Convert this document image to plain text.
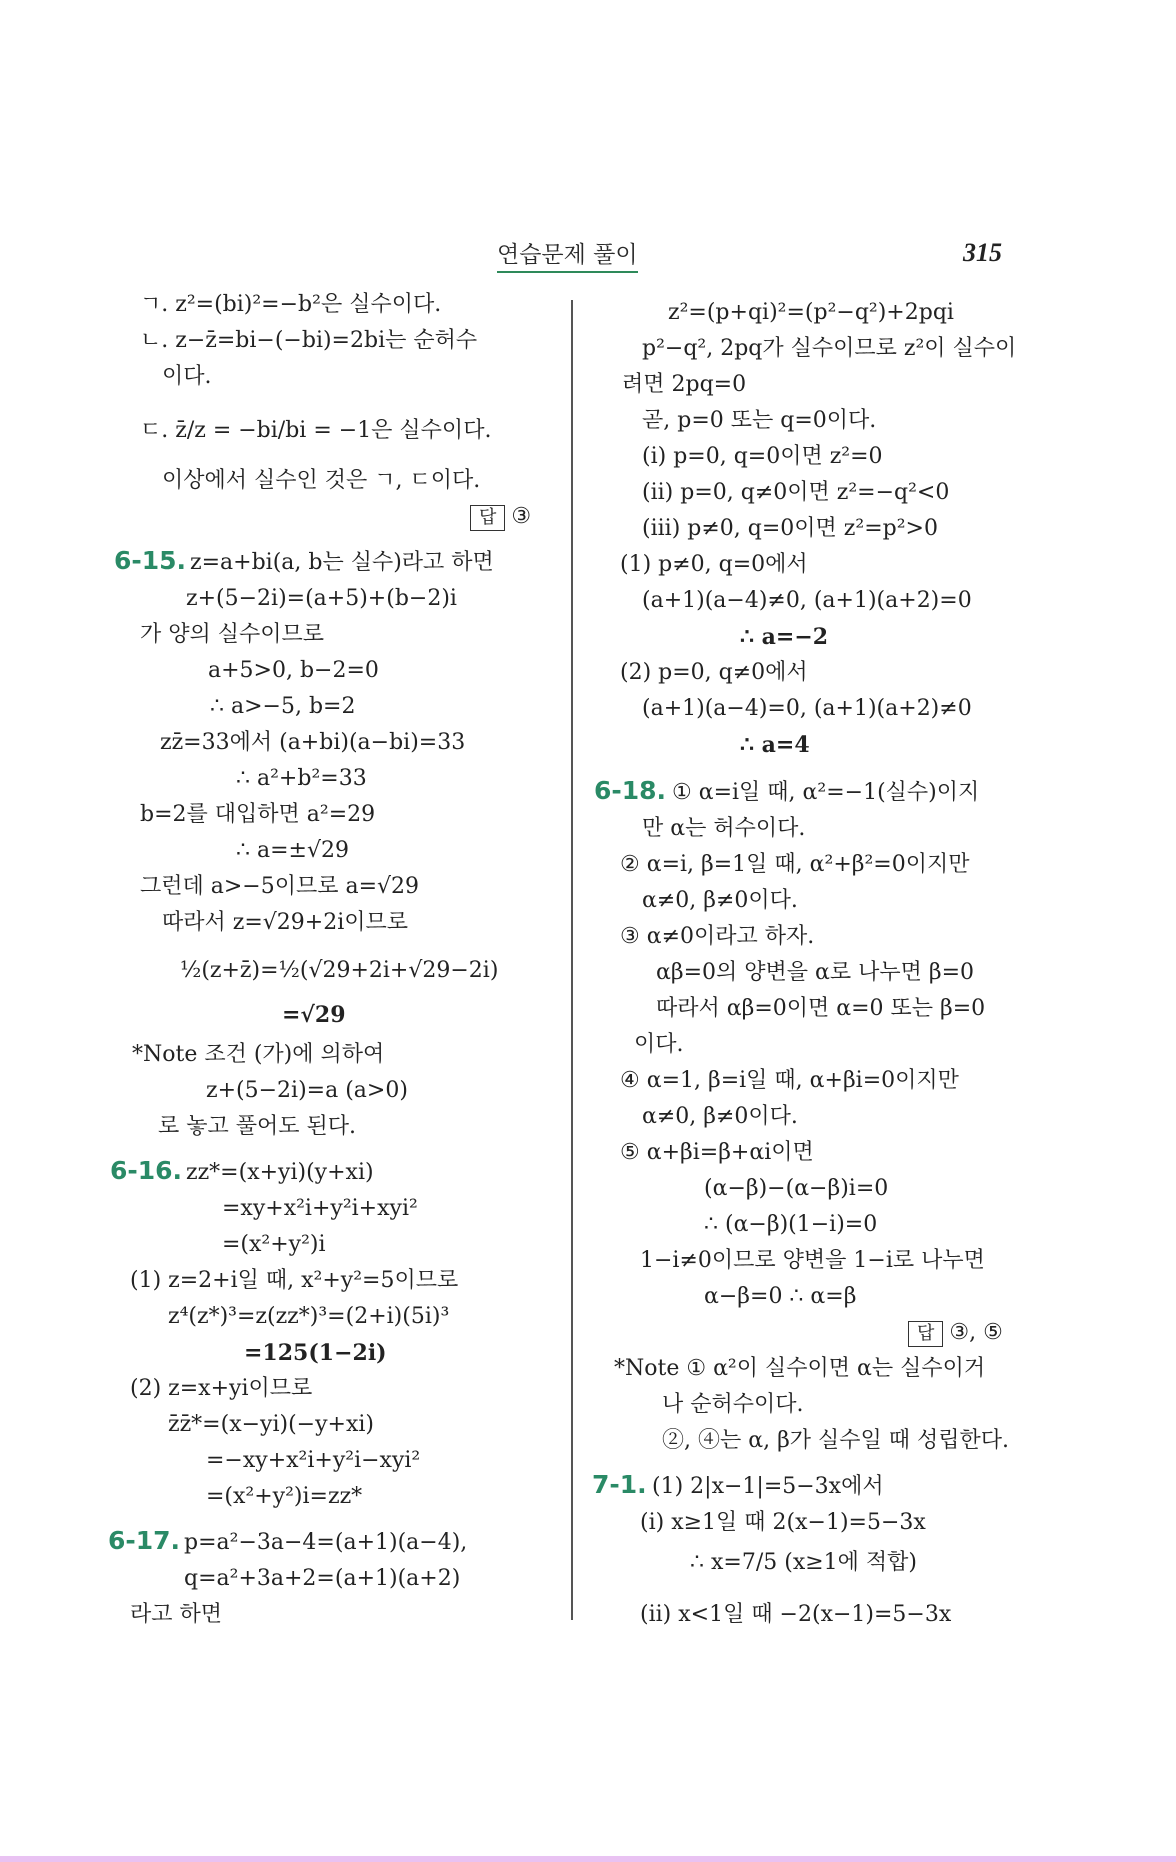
연습문제 풀이	315
ㄱ. z²=(bi)²=−b²은 실수이다.
ㄴ. z−z̄=bi−(−bi)=2bi는 순허수
이다.
ㄷ. z̄/z = −bi/bi = −1은 실수이다.
이상에서 실수인 것은 ㄱ, ㄷ이다.
답 ③
6-15. z=a+bi(a, b는 실수)라고 하면
z+(5−2i)=(a+5)+(b−2)i
가 양의 실수이므로
a+5>0, b−2=0
∴ a>−5, b=2
zz̄=33에서 (a+bi)(a−bi)=33
∴ a²+b²=33
b=2를 대입하면 a²=29
∴ a=±√29
그런데 a>−5이므로 a=√29
따라서 z=√29+2i이므로
½(z+z̄)=½(√29+2i+√29−2i)
=√29
*Note 조건 (가)에 의하여
z+(5−2i)=a (a>0)
로 놓고 풀어도 된다.
6-16. zz*=(x+yi)(y+xi)
=xy+x²i+y²i+xyi²
=(x²+y²)i
(1) z=2+i일 때, x²+y²=5이므로
z⁴(z*)³=z(zz*)³=(2+i)(5i)³
=125(1−2i)
(2) z=x+yi이므로
z̄z̄*=(x−yi)(−y+xi)
=−xy+x²i+y²i−xyi²
=(x²+y²)i=zz*
6-17. p=a²−3a−4=(a+1)(a−4),
q=a²+3a+2=(a+1)(a+2)
라고 하면
z²=(p+qi)²=(p²−q²)+2pqi
p²−q², 2pq가 실수이므로 z²이 실수이
려면 2pq=0
곧, p=0 또는 q=0이다.
(i) p=0, q=0이면 z²=0
(ii) p=0, q≠0이면 z²=−q²<0
(iii) p≠0, q=0이면 z²=p²>0
(1) p≠0, q=0에서
(a+1)(a−4)≠0, (a+1)(a+2)=0
∴ a=−2
(2) p=0, q≠0에서
(a+1)(a−4)=0, (a+1)(a+2)≠0
∴ a=4
6-18. ① α=i일 때, α²=−1(실수)이지
만 α는 허수이다.
② α=i, β=1일 때, α²+β²=0이지만
α≠0, β≠0이다.
③ α≠0이라고 하자.
αβ=0의 양변을 α로 나누면 β=0
따라서 αβ=0이면 α=0 또는 β=0
이다.
④ α=1, β=i일 때, α+βi=0이지만
α≠0, β≠0이다.
⑤ α+βi=β+αi이면
(α−β)−(α−β)i=0
∴ (α−β)(1−i)=0
1−i≠0이므로 양변을 1−i로 나누면
α−β=0 ∴ α=β
답 ③, ⑤
*Note ① α²이 실수이면 α는 실수이거
나 순허수이다.
②, ④는 α, β가 실수일 때 성립한다.
7-1. (1) 2|x−1|=5−3x에서
(i) x≥1일 때 2(x−1)=5−3x
∴ x=7/5 (x≥1에 적합)
(ii) x<1일 때 −2(x−1)=5−3x
